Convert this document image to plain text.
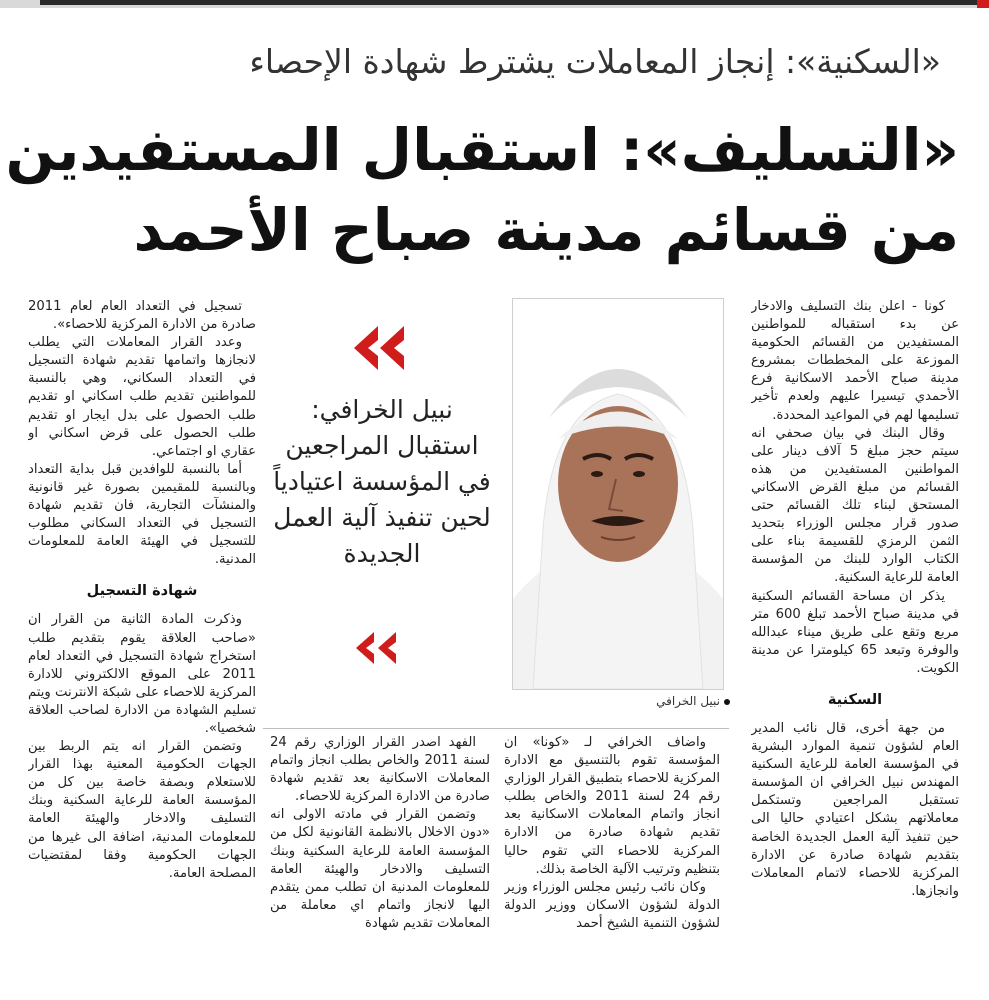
«السكنية»: إنجاز المعاملات يشترط شهادة الإحصاء
«التسليف»: استقبال المستفيدين
من قسائم مدينة صباح الأحمد

كونا - اعلن بنك التسليف والادخار عن بدء استقباله للمواطنين المستفيدين من القسائم الحكومية الموزعة على المخططات بمشروع مدينة صباح الأحمد الاسكانية فرع الأحمدي تيسيرا عليهم ولعدم تأخير تسليمها لهم في المواعيد المحددة.

وقال البنك في بيان صحفي انه سيتم حجز مبلغ 5 آلاف دينار على المواطنين المستفيدين من هذه القسائم من مبلغ القرض الاسكاني المستحق لبناء تلك القسائم حتى صدور قرار مجلس الوزراء بتحديد الثمن الرمزي للقسيمة بناء على الكتاب الوارد للبنك من المؤسسة العامة للرعاية السكنية.

يذكر ان مساحة القسائم السكنية في مدينة صباح الأحمد تبلغ 600 متر مربع وتقع على طريق ميناء عبدالله والوفرة وتبعد 65 كيلومترا عن مدينة الكويت.

السكنية

من جهة أخرى، قال نائب المدير العام لشؤون تنمية الموارد البشرية في المؤسسة العامة للرعاية السكنية المهندس نبيل الخرافي ان المؤسسة تستقبل المراجعين وتستكمل معاملاتهم بشكل اعتيادي حاليا الى حين تنفيذ آلية العمل الجديدة الخاصة بتقديم شهادة صادرة عن الادارة المركزية للاحصاء لاتمام المعاملات وانجازها.

نبيل الخرافي
نبيل الخرافي:
استقبال المراجعين في المؤسسة اعتيادياً لحين تنفيذ آلية العمل الجديدة

واضاف الخرافي لـ «كونا» ان المؤسسة تقوم بالتنسيق مع الادارة المركزية للاحصاء بتطبيق القرار الوزاري رقم 24 لسنة 2011 والخاص بطلب انجاز واتمام المعاملات الاسكانية بعد تقديم شهادة صادرة من الادارة المركزية للاحصاء التي تقوم حاليا بتنظيم وترتيب الآلية الخاصة بذلك.

وكان نائب رئيس مجلس الوزراء وزير الدولة لشؤون الاسكان ووزير الدولة لشؤون التنمية الشيخ أحمد

الفهد اصدر القرار الوزاري رقم 24 لسنة 2011 والخاص بطلب انجاز واتمام المعاملات الاسكانية بعد تقديم شهادة صادرة من الادارة المركزية للاحصاء.

وتضمن القرار في مادته الاولى انه «دون الاخلال بالانظمة القانونية لكل من المؤسسة العامة للرعاية السكنية وبنك التسليف والادخار والهيئة العامة للمعلومات المدنية ان تطلب ممن يتقدم اليها لانجاز واتمام اي معاملة من المعاملات تقديم شهادة

تسجيل في التعداد العام لعام 2011 صادرة من الادارة المركزية للاحصاء».

وعدد القرار المعاملات التي يطلب لانجازها واتمامها تقديم شهادة التسجيل في التعداد السكاني، وهي بالنسبة للمواطنين تقديم طلب اسكاني او تقديم طلب الحصول على بدل ايجار او تقديم طلب الحصول على قرض اسكاني او عقاري او اجتماعي.

أما بالنسبة للوافدين قبل بداية التعداد وبالنسبة للمقيمين بصورة غير قانونية والمنشآت التجارية، فان تقديم شهادة التسجيل في التعداد السكاني مطلوب للتسجيل في الهيئة العامة للمعلومات المدنية.

شهادة التسجيل

وذكرت المادة الثانية من القرار ان «صاحب العلاقة يقوم بتقديم طلب استخراج شهادة التسجيل في التعداد لعام 2011 على الموقع الالكتروني للادارة المركزية للاحصاء على شبكة الانترنت ويتم تسليم الشهادة من الادارة لصاحب العلاقة شخصيا».

وتضمن القرار انه يتم الربط بين الجهات الحكومية المعنية بهذا القرار للاستعلام وبصفة خاصة بين كل من المؤسسة العامة للرعاية السكنية وبنك التسليف والادخار والهيئة العامة للمعلومات المدنية، اضافة الى غيرها من الجهات الحكومية وفقا لمقتضيات المصلحة العامة.
